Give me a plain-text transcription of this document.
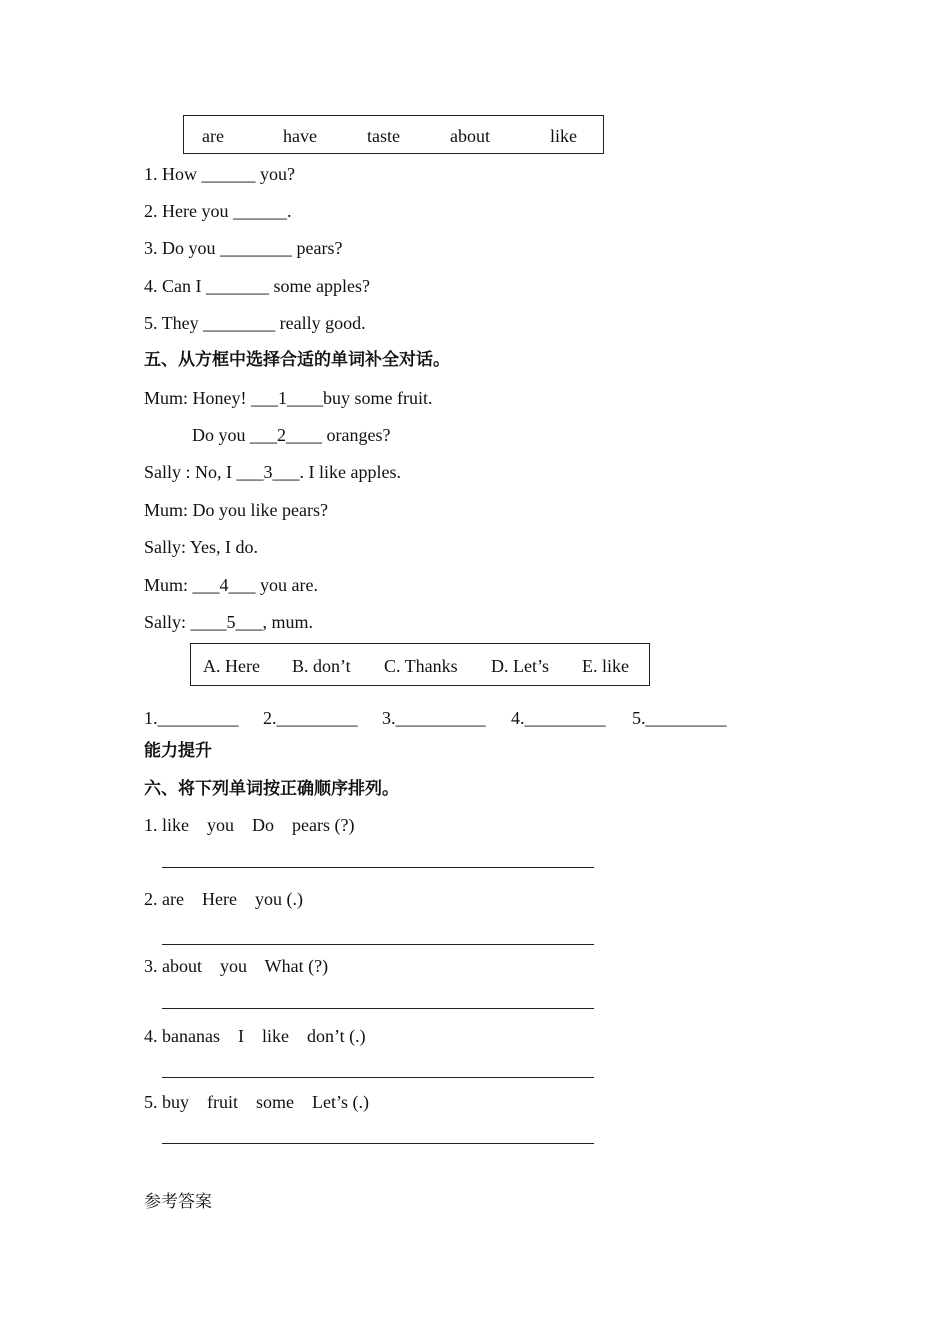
are	have	taste	about	like
1. How ______ you?
2. Here you ______.
3. Do you ________ pears?
4. Can I _______ some apples?
5. They ________ really good.
五、从方框中选择合适的单词补全对话。
Mum: Honey! ___1____buy some fruit.
Do you ___2____ oranges?
Sally : No, I ___3___. I like apples.
Mum: Do you like pears?
Sally: Yes, I do.
Mum: ___4___ you are.
Sally: ____5___, mum.
A. Here B. don’t C. Thanks D. Let’s E. like
1._________ 2._________ 3.__________ 4._________ 5._________
能力提升
六、将下列单词按正确顺序排列。
1. like    you    Do    pears (?)
2. are    Here    you (.)
3. about    you    What (?)
4. bananas    I    like    don’t (.)
5. buy    fruit    some    Let’s (.)
参考答案
